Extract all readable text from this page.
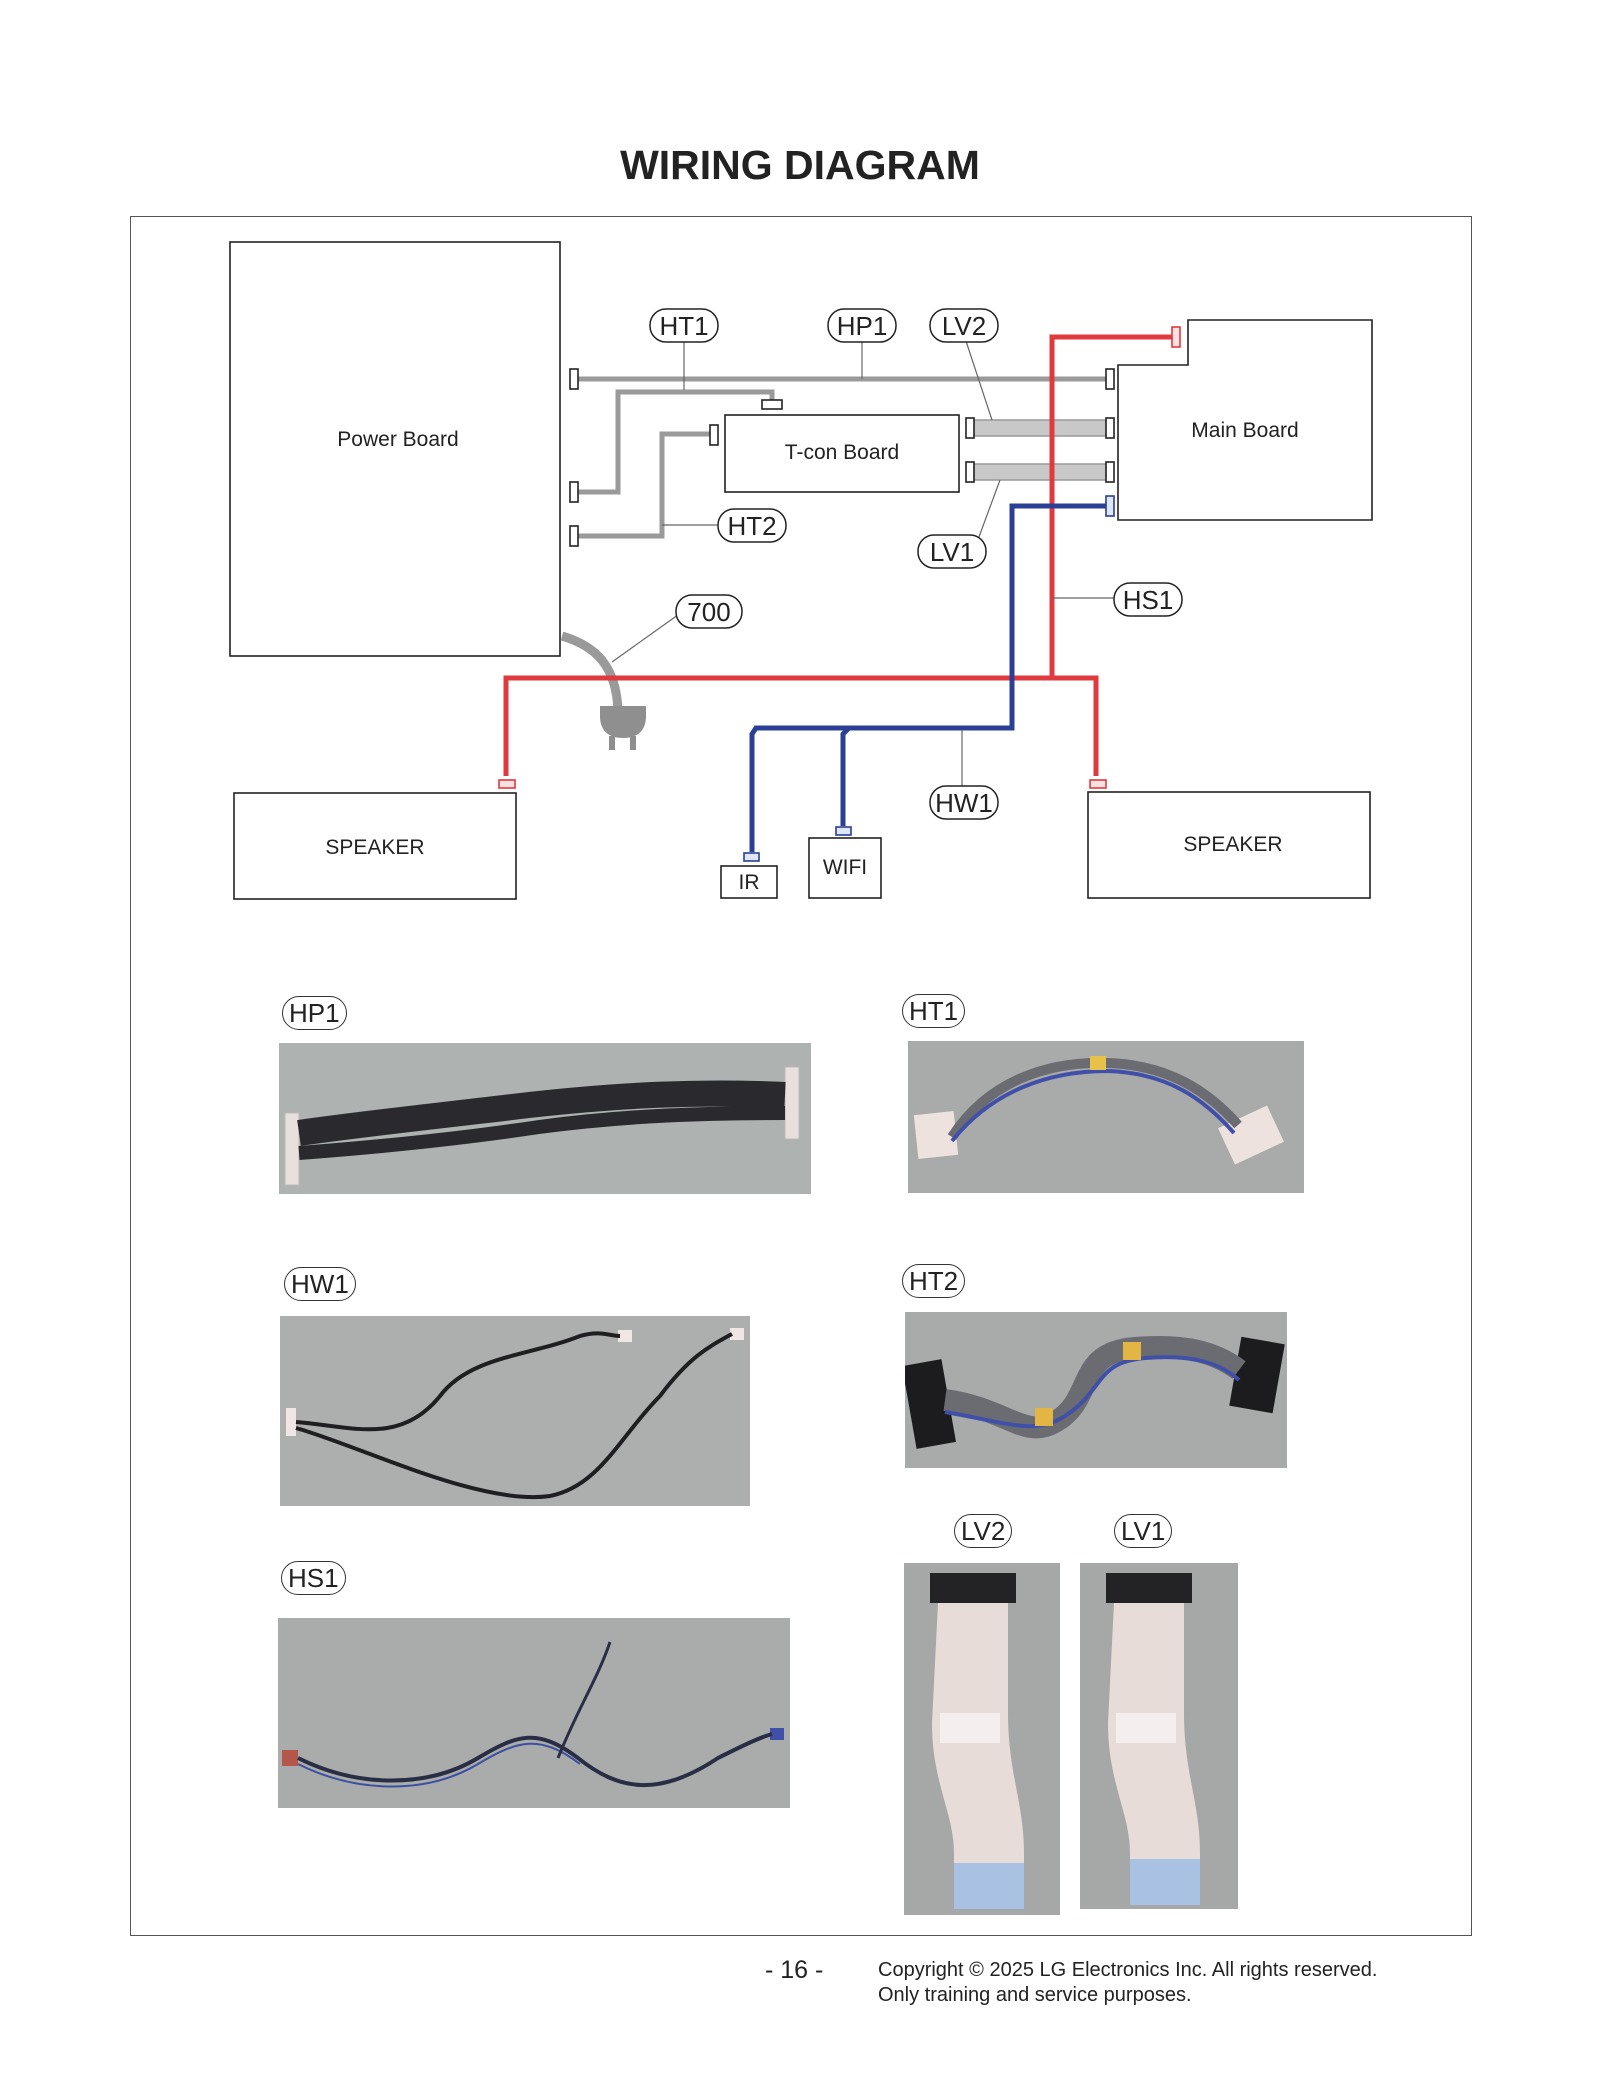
WIRING DIAGRAM
Power Board
T-con Board
Main Board
SPEAKER	SPEAKER
IR
WIFI
HT1	HP1 LV2
HT2
LV1
HS1
700
HW1
HP1	HT1
HW1	HT2
HS1
LV2	LV1
- 16 -	Copyright © 2025 LG Electronics Inc. All rights reserved.
Only training and service purposes.
